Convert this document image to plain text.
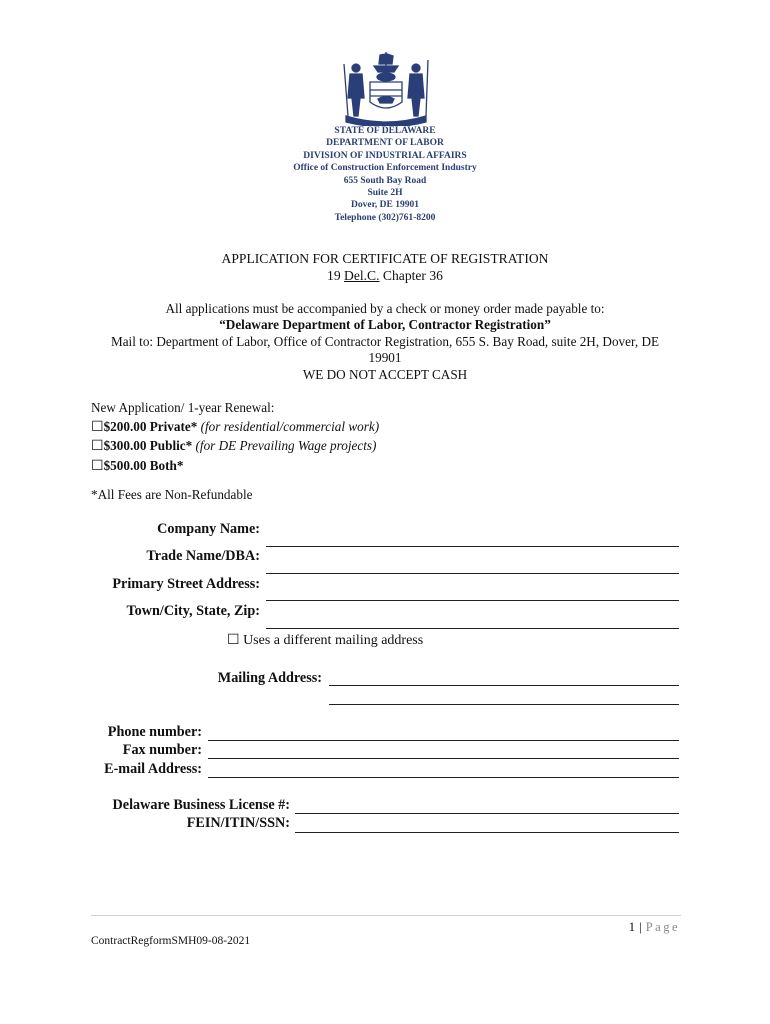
STATE OF DELAWARE
DEPARTMENT OF LABOR
DIVISION OF INDUSTRIAL AFFAIRS
Office of Construction Enforcement Industry
655 South Bay Road
Suite 2H
Dover, DE 19901
Telephone (302)761-8200
APPLICATION FOR CERTIFICATE OF REGISTRATION
19 Del.C. Chapter 36
All applications must be accompanied by a check or money order made payable to:
“Delaware Department of Labor, Contractor Registration”
Mail to: Department of Labor, Office of Contractor Registration, 655 S. Bay Road, suite 2H, Dover, DE
19901
WE DO NOT ACCEPT CASH
New Application/ 1-year Renewal:
☐$200.00 Private* (for residential/commercial work)
☐$300.00 Public* (for DE Prevailing Wage projects)
☐$500.00 Both*
*All Fees are Non-Refundable
Company Name:
Trade Name/DBA:
Primary Street Address:
Town/City, State, Zip:
☐ Uses a different mailing address
Mailing Address:
Phone number:
Fax number:
E-mail Address:
Delaware Business License #:
FEIN/ITIN/SSN:
1 | Page
ContractRegformSMH09-08-2021
